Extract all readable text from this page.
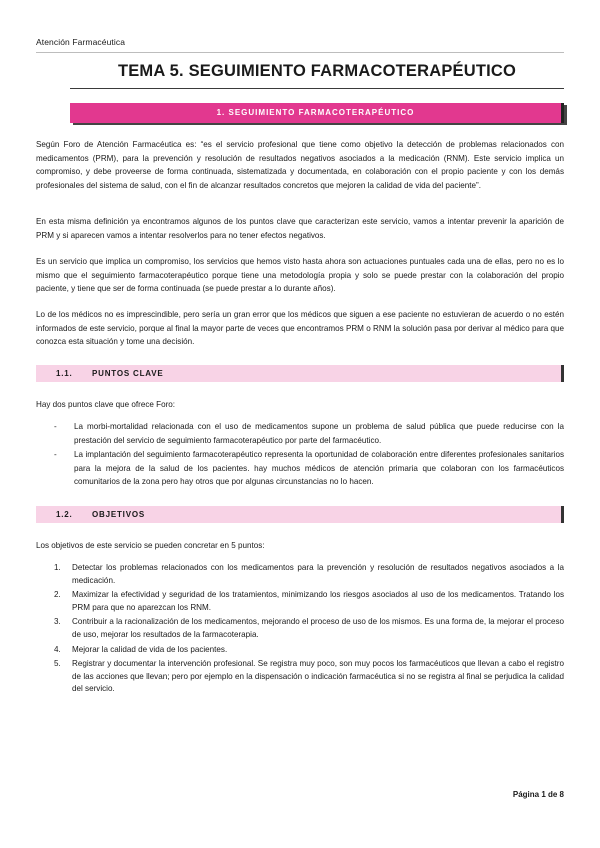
Atención Farmacéutica
TEMA 5. SEGUIMIENTO FARMACOTERAPÉUTICO
1. SEGUIMIENTO FARMACOTERAPÉUTICO

Según Foro de Atención Farmacéutica es: “es el servicio profesional que tiene como objetivo la detección de problemas relacionados con medicamentos (PRM), para la prevención y resolución de resultados negativos asociados a la medicación (RNM). Este servicio implica un compromiso, y debe proveerse de forma continuada, sistematizada y documentada, en colaboración con el propio paciente y con los demás profesionales del sistema de salud, con el fin de alcanzar resultados concretos que mejoren la calidad de vida del paciente”.

En esta misma definición ya encontramos algunos de los puntos clave que caracterizan este servicio, vamos a intentar prevenir la aparición de PRM y si aparecen vamos a intentar resolverlos para no tener efectos negativos.

Es un servicio que implica un compromiso, los servicios que hemos visto hasta ahora son actuaciones puntuales cada una de ellas, pero no es lo mismo que el seguimiento farmacoterapéutico porque tiene una metodología propia y solo se puede prestar con la colaboración del propio paciente, y tiene que ser de forma continuada (se puede prestar a lo durante años).

Lo de los médicos no es imprescindible, pero sería un gran error que los médicos que siguen a ese paciente no estuvieran de acuerdo o no estén informados de este servicio, porque al final la mayor parte de veces que encontramos PRM o RNM la solución pasa por derivar al médico para que conozca esta situación y tome una decisión.

1.1. PUNTOS CLAVE

Hay dos puntos clave que ofrece Foro:

- La morbi-mortalidad relacionada con el uso de medicamentos supone un problema de salud pública que puede reducirse con la prestación del servicio de seguimiento farmacoterapéutico por parte del farmacéutico.
- La implantación del seguimiento farmacoterapéutico representa la oportunidad de colaboración entre diferentes profesionales sanitarios para la mejora de la salud de los pacientes. hay muchos médicos de atención primaria que colaboran con los farmacéuticos comunitarios de la zona pero hay otros que por algunas circunstancias no lo hacen.
1.2. OBJETIVOS

Los objetivos de este servicio se pueden concretar en 5 puntos:

1. Detectar los problemas relacionados con los medicamentos para la prevención y resolución de resultados negativos asociados a la medicación.
2. Maximizar la efectividad y seguridad de los tratamientos, minimizando los riesgos asociados al uso de los medicamentos. Tratando los PRM para que no aparezcan los RNM.
3. Contribuir a la racionalización de los medicamentos, mejorando el proceso de uso de los mismos. Es una forma de, la mejorar el proceso de uso, mejorar los resultados de la farmacoterapia.
4. Mejorar la calidad de vida de los pacientes.
5. Registrar y documentar la intervención profesional. Se registra muy poco, son muy pocos los farmacéuticos que llevan a cabo el registro de las acciones que llevan; pero por ejemplo en la dispensación o indicación farmacéutica si no se registra al final se perjudica la calidad del servicio.
Página 1 de 8
